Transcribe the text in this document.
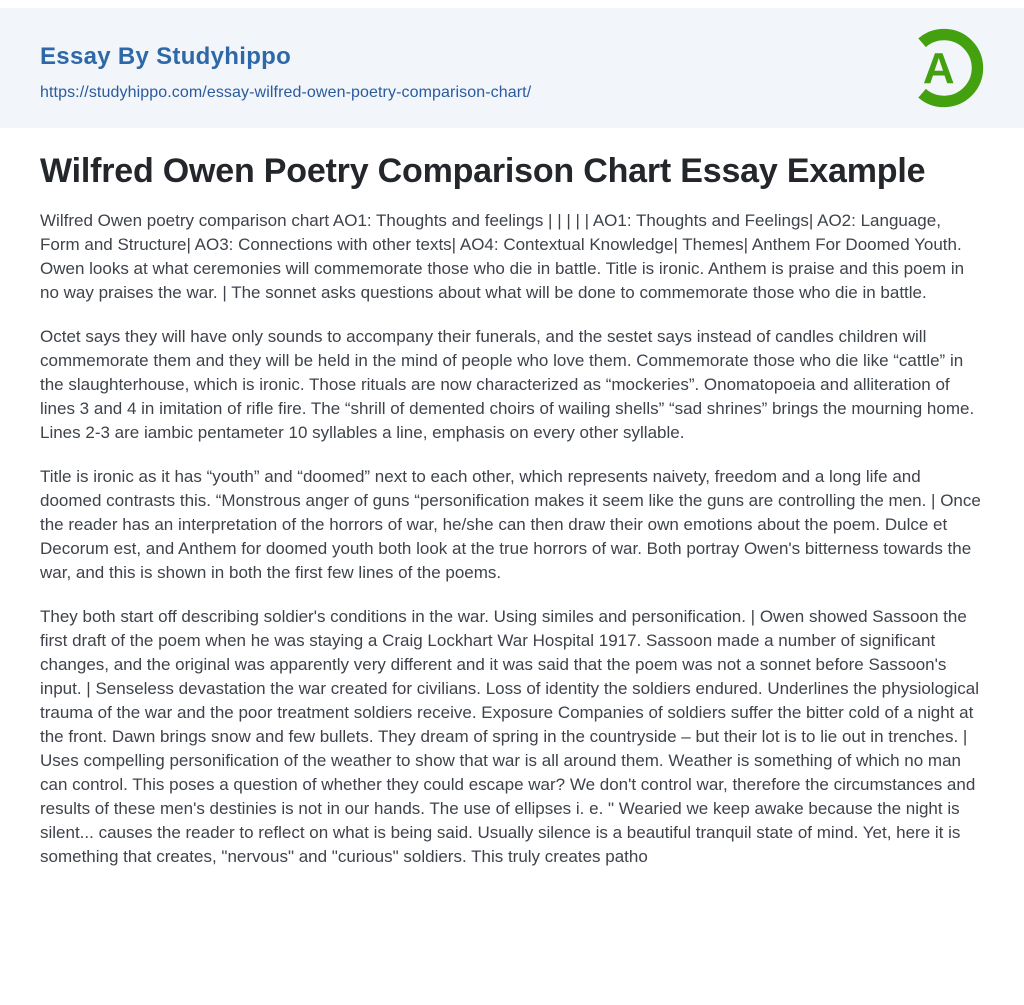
Essay By Studyhippo
https://studyhippo.com/essay-wilfred-owen-poetry-comparison-chart/	A
Wilfred Owen Poetry Comparison Chart Essay Example

Wilfred Owen poetry comparison chart AO1: Thoughts and feelings | | | | | AO1: Thoughts and Feelings| AO2: Language, Form and Structure| AO3: Connections with other texts| AO4: Contextual Knowledge| Themes| Anthem For Doomed Youth. Owen looks at what ceremonies will commemorate those who die in battle. Title is ironic. Anthem is praise and this poem in no way praises the war. | The sonnet asks questions about what will be done to commemorate those who die in battle.

Octet says they will have only sounds to accompany their funerals, and the sestet says instead of candles children will commemorate them and they will be held in the mind of people who love them. Commemorate those who die like “cattle” in the slaughterhouse, which is ironic. Those rituals are now characterized as “mockeries”. Onomatopoeia and alliteration of lines 3 and 4 in imitation of rifle fire. The “shrill of demented choirs of wailing shells” “sad shrines” brings the mourning home. Lines 2-3 are iambic pentameter 10 syllables a line, emphasis on every other syllable.

Title is ironic as it has “youth” and “doomed” next to each other, which represents naivety, freedom and a long life and doomed contrasts this. “Monstrous anger of guns “personification makes it seem like the guns are controlling the men. | Once the reader has an interpretation of the horrors of war, he/she can then draw their own emotions about the poem. Dulce et Decorum est, and Anthem for doomed youth both look at the true horrors of war. Both portray Owen's bitterness towards the war, and this is shown in both the first few lines of the poems.

They both start off describing soldier's conditions in the war. Using similes and personification. | Owen showed Sassoon the first draft of the poem when he was staying a Craig Lockhart War Hospital 1917. Sassoon made a number of significant changes, and the original was apparently very different and it was said that the poem was not a sonnet before Sassoon's input. | Senseless devastation the war created for civilians. Loss of identity the soldiers endured. Underlines the physiological trauma of the war and the poor treatment soldiers receive. Exposure Companies of soldiers suffer the bitter cold of a night at the front. Dawn brings snow and few bullets. They dream of spring in the countryside – but their lot is to lie out in trenches. | Uses compelling personification of the weather to show that war is all around them. Weather is something of which no man can control. This poses a question of whether they could escape war? We don't control war, therefore the circumstances and results of these men's destinies is not in our hands. The use of ellipses i. e. " Wearied we keep awake because the night is silent... causes the reader to reflect on what is being said. Usually silence is a beautiful tranquil state of mind. Yet, here it is something that creates, "nervous" and "curious" soldiers. This truly creates patho
